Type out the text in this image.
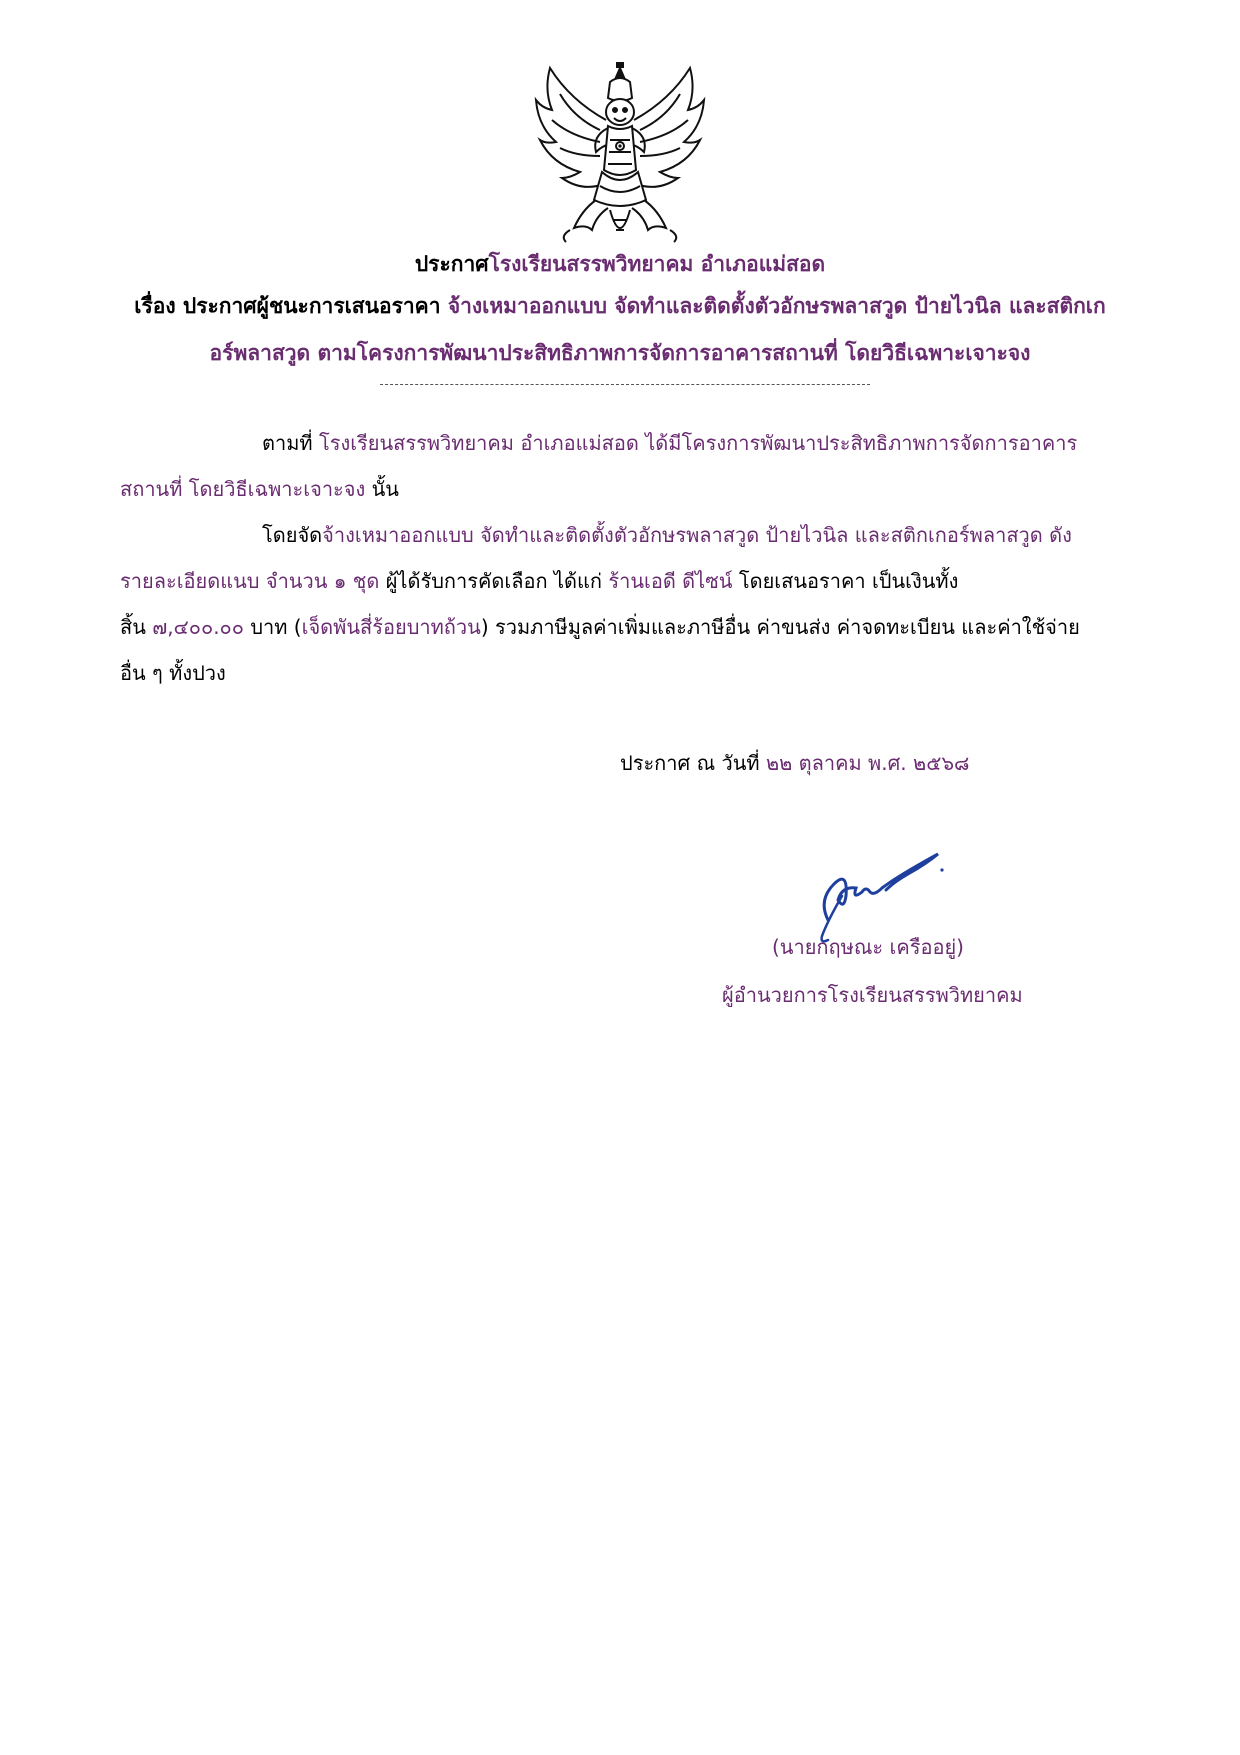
ประกาศโรงเรียนสรรพวิทยาคม อำเภอแม่สอด
เรื่อง ประกาศผู้ชนะการเสนอราคา จ้างเหมาออกแบบ จัดทำและติดตั้งตัวอักษรพลาสวูด ป้ายไวนิล และสติกเก
อร์พลาสวูด ตามโครงการพัฒนาประสิทธิภาพการจัดการอาคารสถานที่ โดยวิธีเฉพาะเจาะจง
ตามที่ โรงเรียนสรรพวิทยาคม อำเภอแม่สอด ได้มีโครงการพัฒนาประสิทธิภาพการจัดการอาคาร
สถานที่ โดยวิธีเฉพาะเจาะจง นั้น
โดยจัดจ้างเหมาออกแบบ จัดทำและติดตั้งตัวอักษรพลาสวูด ป้ายไวนิล และสติกเกอร์พลาสวูด ดัง
รายละเอียดแนบ จำนวน ๑ ชุด ผู้ได้รับการคัดเลือก ได้แก่ ร้านเอดี ดีไซน์ โดยเสนอราคา เป็นเงินทั้ง
สิ้น ๗,๔๐๐.๐๐ บาท (เจ็ดพันสี่ร้อยบาทถ้วน) รวมภาษีมูลค่าเพิ่มและภาษีอื่น ค่าขนส่ง ค่าจดทะเบียน และค่าใช้จ่าย
อื่น ๆ ทั้งปวง
ประกาศ ณ วันที่ ๒๒ ตุลาคม พ.ศ. ๒๕๖๘
(นายกฤษณะ เครืออยู่)
ผู้อำนวยการโรงเรียนสรรพวิทยาคม
